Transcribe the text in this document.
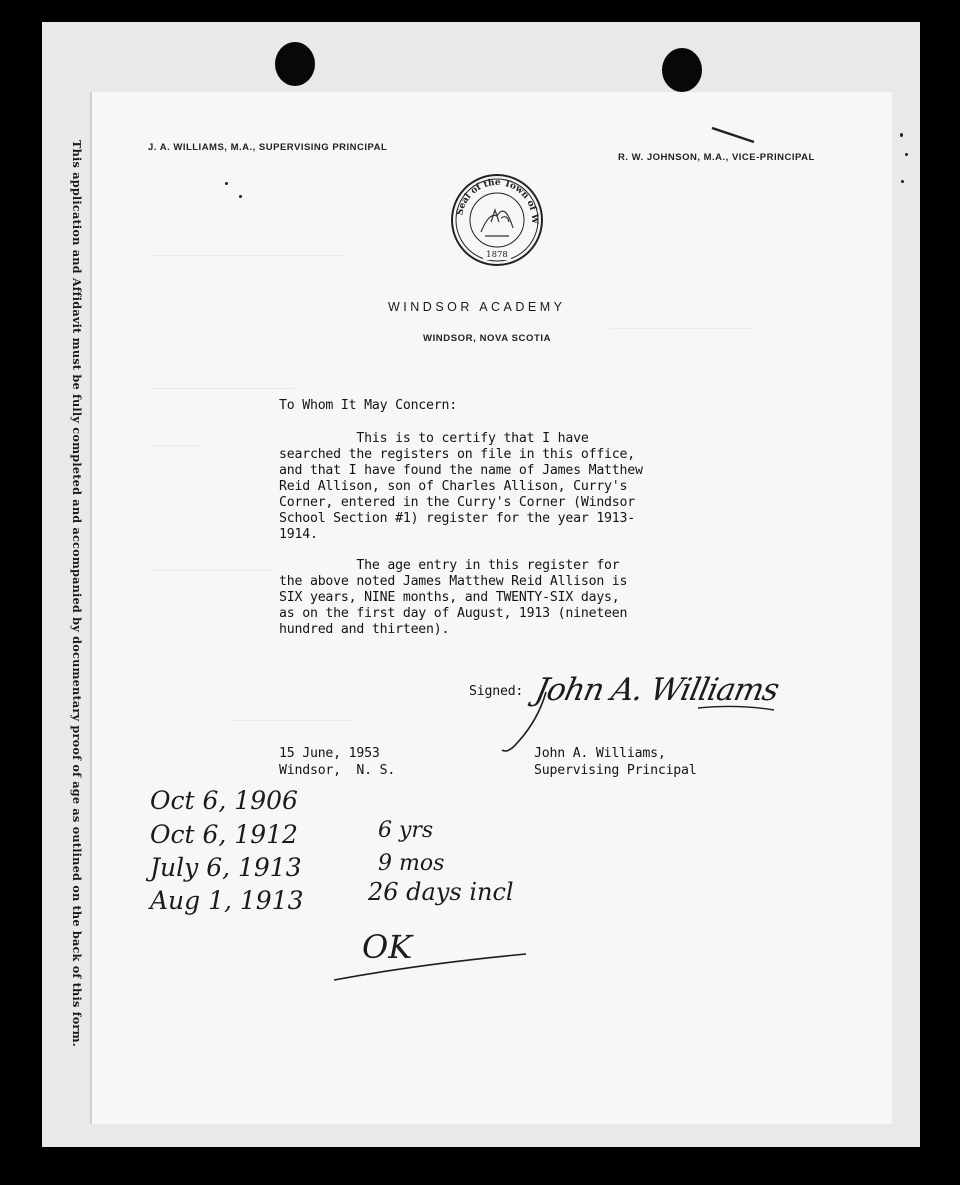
This application and Affidavit must be fully completed and accompanied by documentary proof of age as outlined on the back of this form.	________________________________
________________________
________________________
________
____________________
____________________
J. A. WILLIAMS, M.A., SUPERVISING PRINCIPAL
R. W. JOHNSON, M.A., VICE-PRINCIPAL
Seal of the Town of W
1878
WINDSOR ACADEMY
WINDSOR, NOVA SCOTIA
To Whom It May Concern:
This is to certify that I have
searched the registers on file in this office,
and that I have found the name of James Matthew
Reid Allison, son of Charles Allison, Curry's
Corner, entered in the Curry's Corner (Windsor
School Section #1) register for the year 1913-
1914.
The age entry in this register for
the above noted James Matthew Reid Allison is
SIX years, NINE months, and TWENTY-SIX days,
as on the first day of August, 1913 (nineteen
hundred and thirteen).
Signed: John A. Williams
15 June, 1953
Windsor,  N. S.
John A. Williams,
Supervising Principal
Oct 6, 1906
Oct 6, 1912
July 6, 1913
Aug 1, 1913
6 yrs
9 mos
26 days incl
OK
